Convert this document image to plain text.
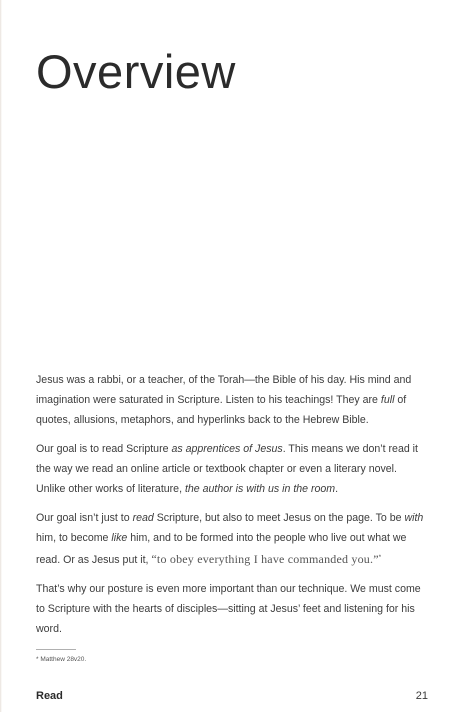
Overview

Jesus was a rabbi, or a teacher, of the Torah—the Bible of his day. His mind and imagination were saturated in Scripture. Listen to his teachings! They are full of quotes, allusions, metaphors, and hyperlinks back to the Hebrew Bible.

Our goal is to read Scripture as apprentices of Jesus. This means we don’t read it the way we read an online article or textbook chapter or even a literary novel. Unlike other works of literature, the author is with us in the room.

Our goal isn’t just to read Scripture, but also to meet Jesus on the page. To be with him, to become like him, and to be formed into the people who live out what we read. Or as Jesus put it, “to obey everything I have commanded you.”*

That’s why our posture is even more important than our technique. We must come to Scripture with the hearts of disciples—sitting at Jesus’ feet and listening for his word.

* Matthew 28v20.
Read	21
